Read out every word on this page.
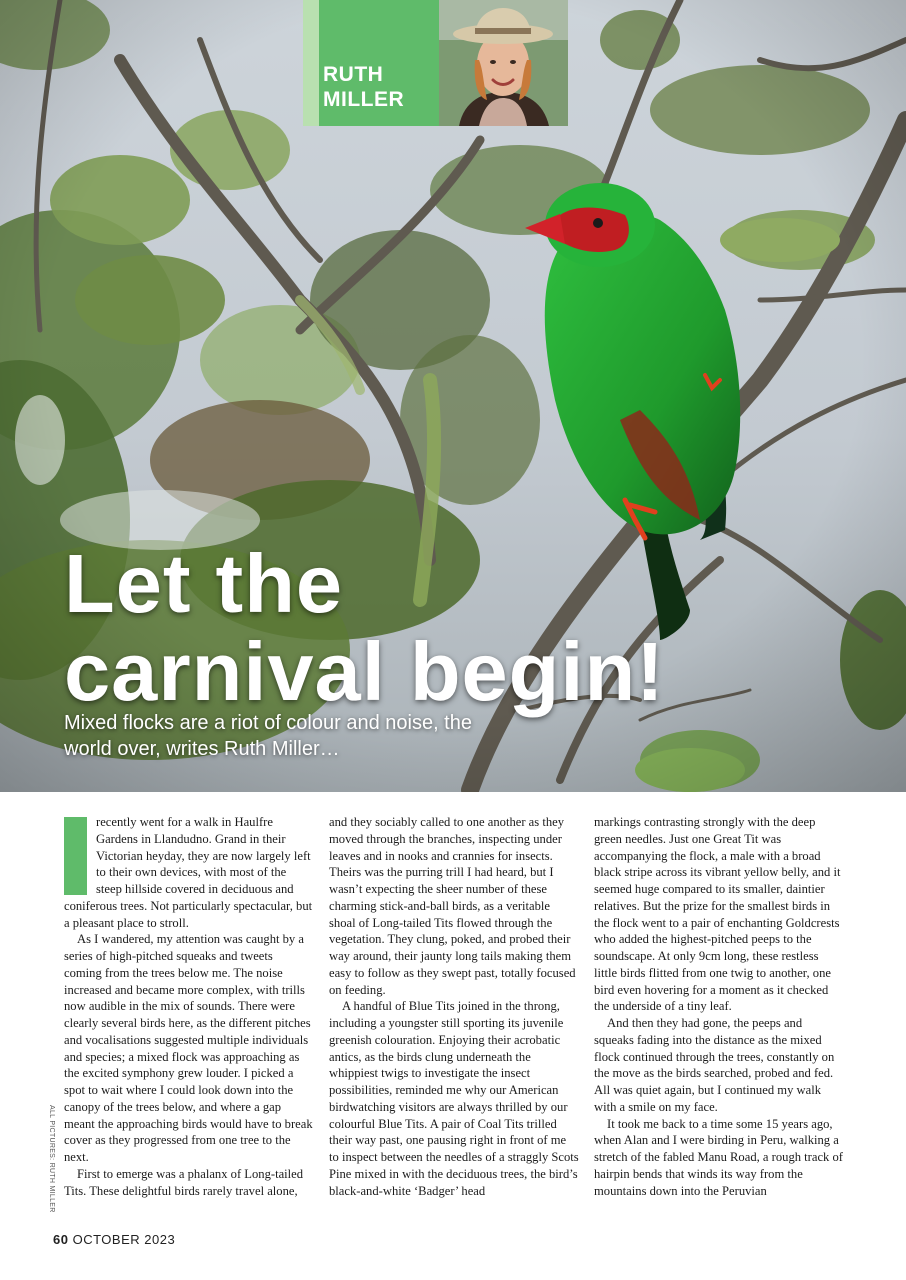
RUTH
MILLER
Let the
carnival begin!

Mixed flocks are a riot of colour and noise, the world over, writes Ruth Miller…

recently went for a walk in Haulfre Gardens in Llandudno. Grand in their Victorian heyday, they are now largely left to their own devices, with most of the steep hillside covered in deciduous and coniferous trees. Not particularly spectacular, but a pleasant place to stroll.

As I wandered, my attention was caught by a series of high-pitched squeaks and tweets coming from the trees below me. The noise increased and became more complex, with trills now audible in the mix of sounds. There were clearly several birds here, as the different pitches and vocalisations suggested multiple individuals and species; a mixed flock was approaching as the excited symphony grew louder. I picked a spot to wait where I could look down into the canopy of the trees below, and where a gap meant the approaching birds would have to break cover as they progressed from one tree to the next.

First to emerge was a phalanx of Long-tailed Tits. These delightful birds rarely travel alone,

and they sociably called to one another as they moved through the branches, inspecting under leaves and in nooks and crannies for insects. Theirs was the purring trill I had heard, but I wasn’t expecting the sheer number of these charming stick-and-ball birds, as a veritable shoal of Long-tailed Tits flowed through the vegetation. They clung, poked, and probed their way around, their jaunty long tails making them easy to follow as they swept past, totally focused on feeding.

A handful of Blue Tits joined in the throng, including a youngster still sporting its juvenile greenish colouration. Enjoying their acrobatic antics, as the birds clung underneath the whippiest twigs to investigate the insect possibilities, reminded me why our American birdwatching visitors are always thrilled by our colourful Blue Tits. A pair of Coal Tits trilled their way past, one pausing right in front of me to inspect between the needles of a straggly Scots Pine mixed in with the deciduous trees, the bird’s black-and-white ‘Badger’ head

markings contrasting strongly with the deep green needles. Just one Great Tit was accompanying the flock, a male with a broad black stripe across its vibrant yellow belly, and it seemed huge compared to its smaller, daintier relatives. But the prize for the smallest birds in the flock went to a pair of enchanting Goldcrests who added the highest-pitched peeps to the soundscape. At only 9cm long, these restless little birds flitted from one twig to another, one bird even hovering for a moment as it checked the underside of a tiny leaf.

And then they had gone, the peeps and squeaks fading into the distance as the mixed flock continued through the trees, constantly on the move as the birds searched, probed and fed. All was quiet again, but I continued my walk with a smile on my face.

It took me back to a time some 15 years ago, when Alan and I were birding in Peru, walking a stretch of the fabled Manu Road, a rough track of hairpin bends that winds its way from the mountains down into the Peruvian

ALL PICTURES: RUTH MILLER
60 OCTOBER 2023
